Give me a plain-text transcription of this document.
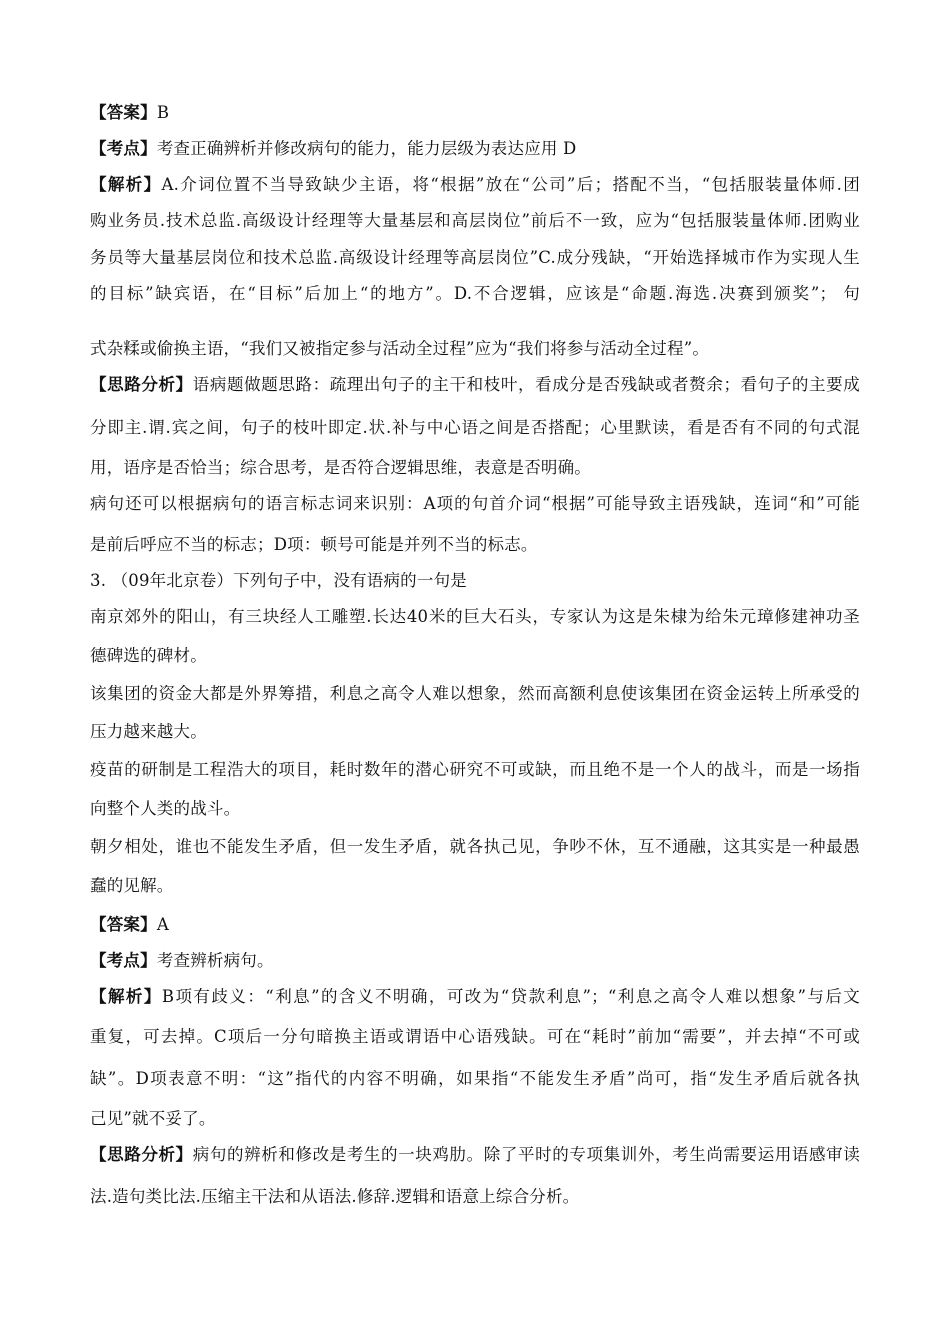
【答案】B
【考点】考查正确辨析并修改病句的能力，能力层级为表达应用 D
【解析】A.介词位置不当导致缺少主语，将“根据”放在“公司”后；搭配不当，“包括服装量体师.团
购业务员.技术总监.高级设计经理等大量基层和高层岗位”前后不一致，应为“包括服装量体师.团购业
务员等大量基层岗位和技术总监.高级设计经理等高层岗位”C.成分残缺，“开始选择城市作为实现人生
的目标”缺宾语，在“目标”后加上“的地方”。D.不合逻辑，应该是“命题.海选.决赛到颁奖”； 句
式杂糅或偷换主语，“我们又被指定参与活动全过程”应为“我们将参与活动全过程”。
【思路分析】语病题做题思路：疏理出句子的主干和枝叶，看成分是否残缺或者赘余；看句子的主要成
分即主.谓.宾之间，句子的枝叶即定.状.补与中心语之间是否搭配；心里默读，看是否有不同的句式混
用，语序是否恰当；综合思考，是否符合逻辑思维，表意是否明确。
病句还可以根据病句的语言标志词来识别：A项的句首介词“根据”可能导致主语残缺，连词“和”可能
是前后呼应不当的标志；D项：顿号可能是并列不当的标志。
3. （09年北京卷）下列句子中，没有语病的一句是
南京郊外的阳山，有三块经人工雕塑.长达40米的巨大石头，专家认为这是朱棣为给朱元璋修建神功圣
德碑选的碑材。
该集团的资金大都是外界筹措，利息之高令人难以想象，然而高额利息使该集团在资金运转上所承受的
压力越来越大。
疫苗的研制是工程浩大的项目，耗时数年的潜心研究不可或缺，而且绝不是一个人的战斗，而是一场指
向整个人类的战斗。
朝夕相处，谁也不能发生矛盾，但一发生矛盾，就各执己见，争吵不休，互不通融，这其实是一种最愚
蠢的见解。
【答案】A
【考点】考查辨析病句。
【解析】B项有歧义：“利息”的含义不明确，可改为“贷款利息”；“利息之高令人难以想象”与后文
重复，可去掉。C项后一分句暗换主语或谓语中心语残缺。可在“耗时”前加“需要”，并去掉“不可或
缺”。D项表意不明：“这”指代的内容不明确，如果指“不能发生矛盾”尚可，指“发生矛盾后就各执
己见”就不妥了。
【思路分析】病句的辨析和修改是考生的一块鸡肋。除了平时的专项集训外，考生尚需要运用语感审读
法.造句类比法.压缩主干法和从语法.修辞.逻辑和语意上综合分析。
